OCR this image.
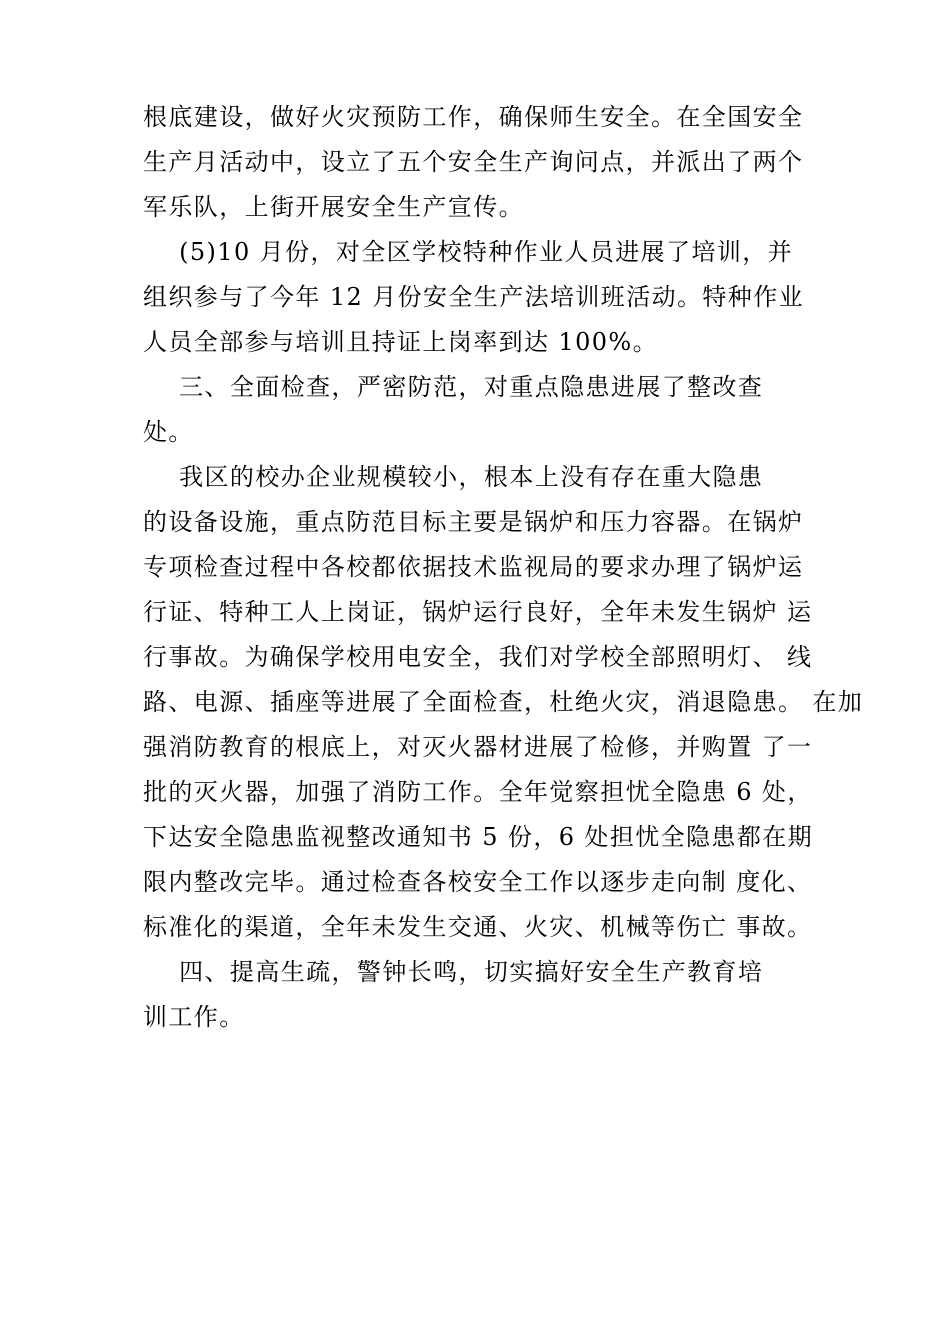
根底建设，做好火灾预防工作，确保师生安全。在全国安全
生产月活动中，设立了五个安全生产询问点，并派出了两个
军乐队，上街开展安全生产宣传。
(5)10 月份，对全区学校特种作业人员进展了培训，并
组织参与了今年 12 月份安全生产法培训班活动。特种作业
人员全部参与培训且持证上岗率到达 100%。
三、全面检查，严密防范，对重点隐患进展了整改查
处。
我区的校办企业规模较小，根本上没有存在重大隐患
的设备设施，重点防范目标主要是锅炉和压力容器。在锅炉
专项检查过程中各校都依据技术监视局的要求办理了锅炉运
行证、特种工人上岗证，锅炉运行良好，全年未发生锅炉 运
行事故。为确保学校用电安全，我们对学校全部照明灯、 线
路、电源、插座等进展了全面检查，杜绝火灾，消退隐患。 在加
强消防教育的根底上，对灭火器材进展了检修，并购置 了一
批的灭火器，加强了消防工作。全年觉察担忧全隐患 6 处，
下达安全隐患监视整改通知书 5 份，6 处担忧全隐患都在期
限内整改完毕。通过检查各校安全工作以逐步走向制 度化、
标准化的渠道，全年未发生交通、火灾、机械等伤亡 事故。
四、提高生疏，警钟长鸣，切实搞好安全生产教育培
训工作。
